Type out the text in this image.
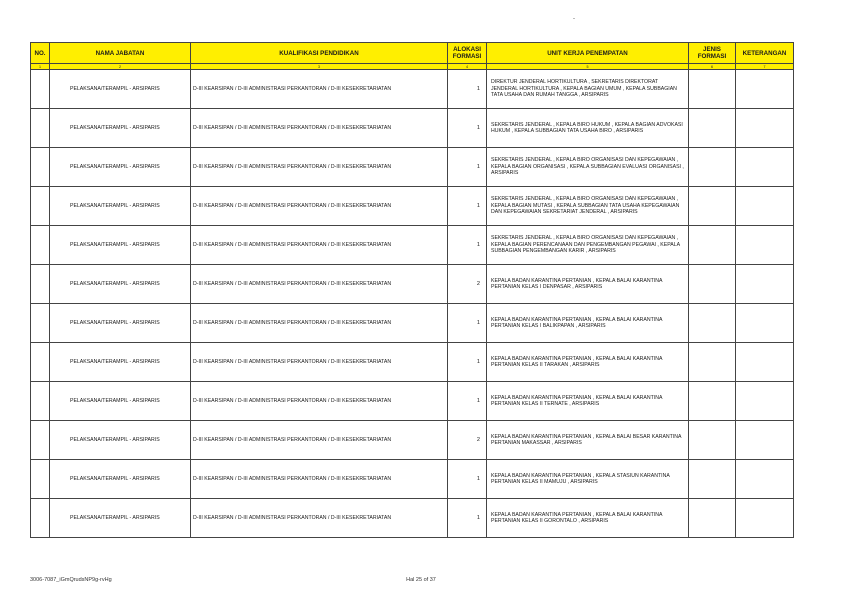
NO.	NAMA JABATAN	KUALIFIKASI PENDIDIKAN	ALOKASI FORMASI	UNIT KERJA PENEMPATAN	JENIS FORMASI	KETERANGAN
1	2	3	4	5	6	7
	PELAKSANA/TERAMPIL - ARSIPARIS	D-III KEARSIPAN / D-III ADMINISTRASI PERKANTORAN / D-III KESEKRETARIATAN	1	DIREKTUR JENDERAL HORTIKULTURA , SEKRETARIS DIREKTORAT JENDERAL HORTIKULTURA , KEPALA BAGIAN UMUM , KEPALA SUBBAGIAN TATA USAHA DAN RUMAH TANGGA , ARSIPARIS		
	PELAKSANA/TERAMPIL - ARSIPARIS	D-III KEARSIPAN / D-III ADMINISTRASI PERKANTORAN / D-III KESEKRETARIATAN	1	SEKRETARIS JENDERAL , KEPALA BIRO HUKUM , KEPALA BAGIAN ADVOKASI HUKUM , KEPALA SUBBAGIAN TATA USAHA BIRO , ARSIPARIS		
	PELAKSANA/TERAMPIL - ARSIPARIS	D-III KEARSIPAN / D-III ADMINISTRASI PERKANTORAN / D-III KESEKRETARIATAN	1	SEKRETARIS JENDERAL , KEPALA BIRO ORGANISASI DAN KEPEGAWAIAN , KEPALA BAGIAN ORGANISASI , KEPALA SUBBAGIAN EVALUASI ORGANISASI , ARSIPARIS		
	PELAKSANA/TERAMPIL - ARSIPARIS	D-III KEARSIPAN / D-III ADMINISTRASI PERKANTORAN / D-III KESEKRETARIATAN	1	SEKRETARIS JENDERAL , KEPALA BIRO ORGANISASI DAN KEPEGAWAIAN , KEPALA BAGIAN MUTASI , KEPALA SUBBAGIAN TATA USAHA KEPEGAWAIAN DAN KEPEGAWAIAN SEKRETARIAT JENDERAL , ARSIPARIS		
	PELAKSANA/TERAMPIL - ARSIPARIS	D-III KEARSIPAN / D-III ADMINISTRASI PERKANTORAN / D-III KESEKRETARIATAN	1	SEKRETARIS JENDERAL , KEPALA BIRO ORGANISASI DAN KEPEGAWAIAN , KEPALA BAGIAN PERENCANAAN DAN PENGEMBANGAN PEGAWAI , KEPALA SUBBAGIAN PENGEMBANGAN KARIR , ARSIPARIS		
	PELAKSANA/TERAMPIL - ARSIPARIS	D-III KEARSIPAN / D-III ADMINISTRASI PERKANTORAN / D-III KESEKRETARIATAN	2	KEPALA BADAN KARANTINA PERTANIAN , KEPALA BALAI KARANTINA PERTANIAN KELAS I DENPASAR , ARSIPARIS		
	PELAKSANA/TERAMPIL - ARSIPARIS	D-III KEARSIPAN / D-III ADMINISTRASI PERKANTORAN / D-III KESEKRETARIATAN	1	KEPALA BADAN KARANTINA PERTANIAN , KEPALA BALAI KARANTINA PERTANIAN KELAS I BALIKPAPAN , ARSIPARIS		
	PELAKSANA/TERAMPIL - ARSIPARIS	D-III KEARSIPAN / D-III ADMINISTRASI PERKANTORAN / D-III KESEKRETARIATAN	1	KEPALA BADAN KARANTINA PERTANIAN , KEPALA BALAI KARANTINA PERTANIAN KELAS II TARAKAN , ARSIPARIS		
	PELAKSANA/TERAMPIL - ARSIPARIS	D-III KEARSIPAN / D-III ADMINISTRASI PERKANTORAN / D-III KESEKRETARIATAN	1	KEPALA BADAN KARANTINA PERTANIAN , KEPALA BALAI KARANTINA PERTANIAN KELAS II TERNATE , ARSIPARIS		
	PELAKSANA/TERAMPIL - ARSIPARIS	D-III KEARSIPAN / D-III ADMINISTRASI PERKANTORAN / D-III KESEKRETARIATAN	2	KEPALA BADAN KARANTINA PERTANIAN , KEPALA BALAI BESAR KARANTINA PERTANIAN MAKASSAR , ARSIPARIS		
	PELAKSANA/TERAMPIL - ARSIPARIS	D-III KEARSIPAN / D-III ADMINISTRASI PERKANTORAN / D-III KESEKRETARIATAN	1	KEPALA BADAN KARANTINA PERTANIAN , KEPALA STASIUN KARANTINA PERTANIAN KELAS II MAMUJU , ARSIPARIS		
	PELAKSANA/TERAMPIL - ARSIPARIS	D-III KEARSIPAN / D-III ADMINISTRASI PERKANTORAN / D-III KESEKRETARIATAN	1	KEPALA BADAN KARANTINA PERTANIAN , KEPALA BALAI KARANTINA PERTANIAN KELAS II GORONTALO , ARSIPARIS		
3006-7087_iGmQrudsNP9g-rvHg	Hal 25 of 37
